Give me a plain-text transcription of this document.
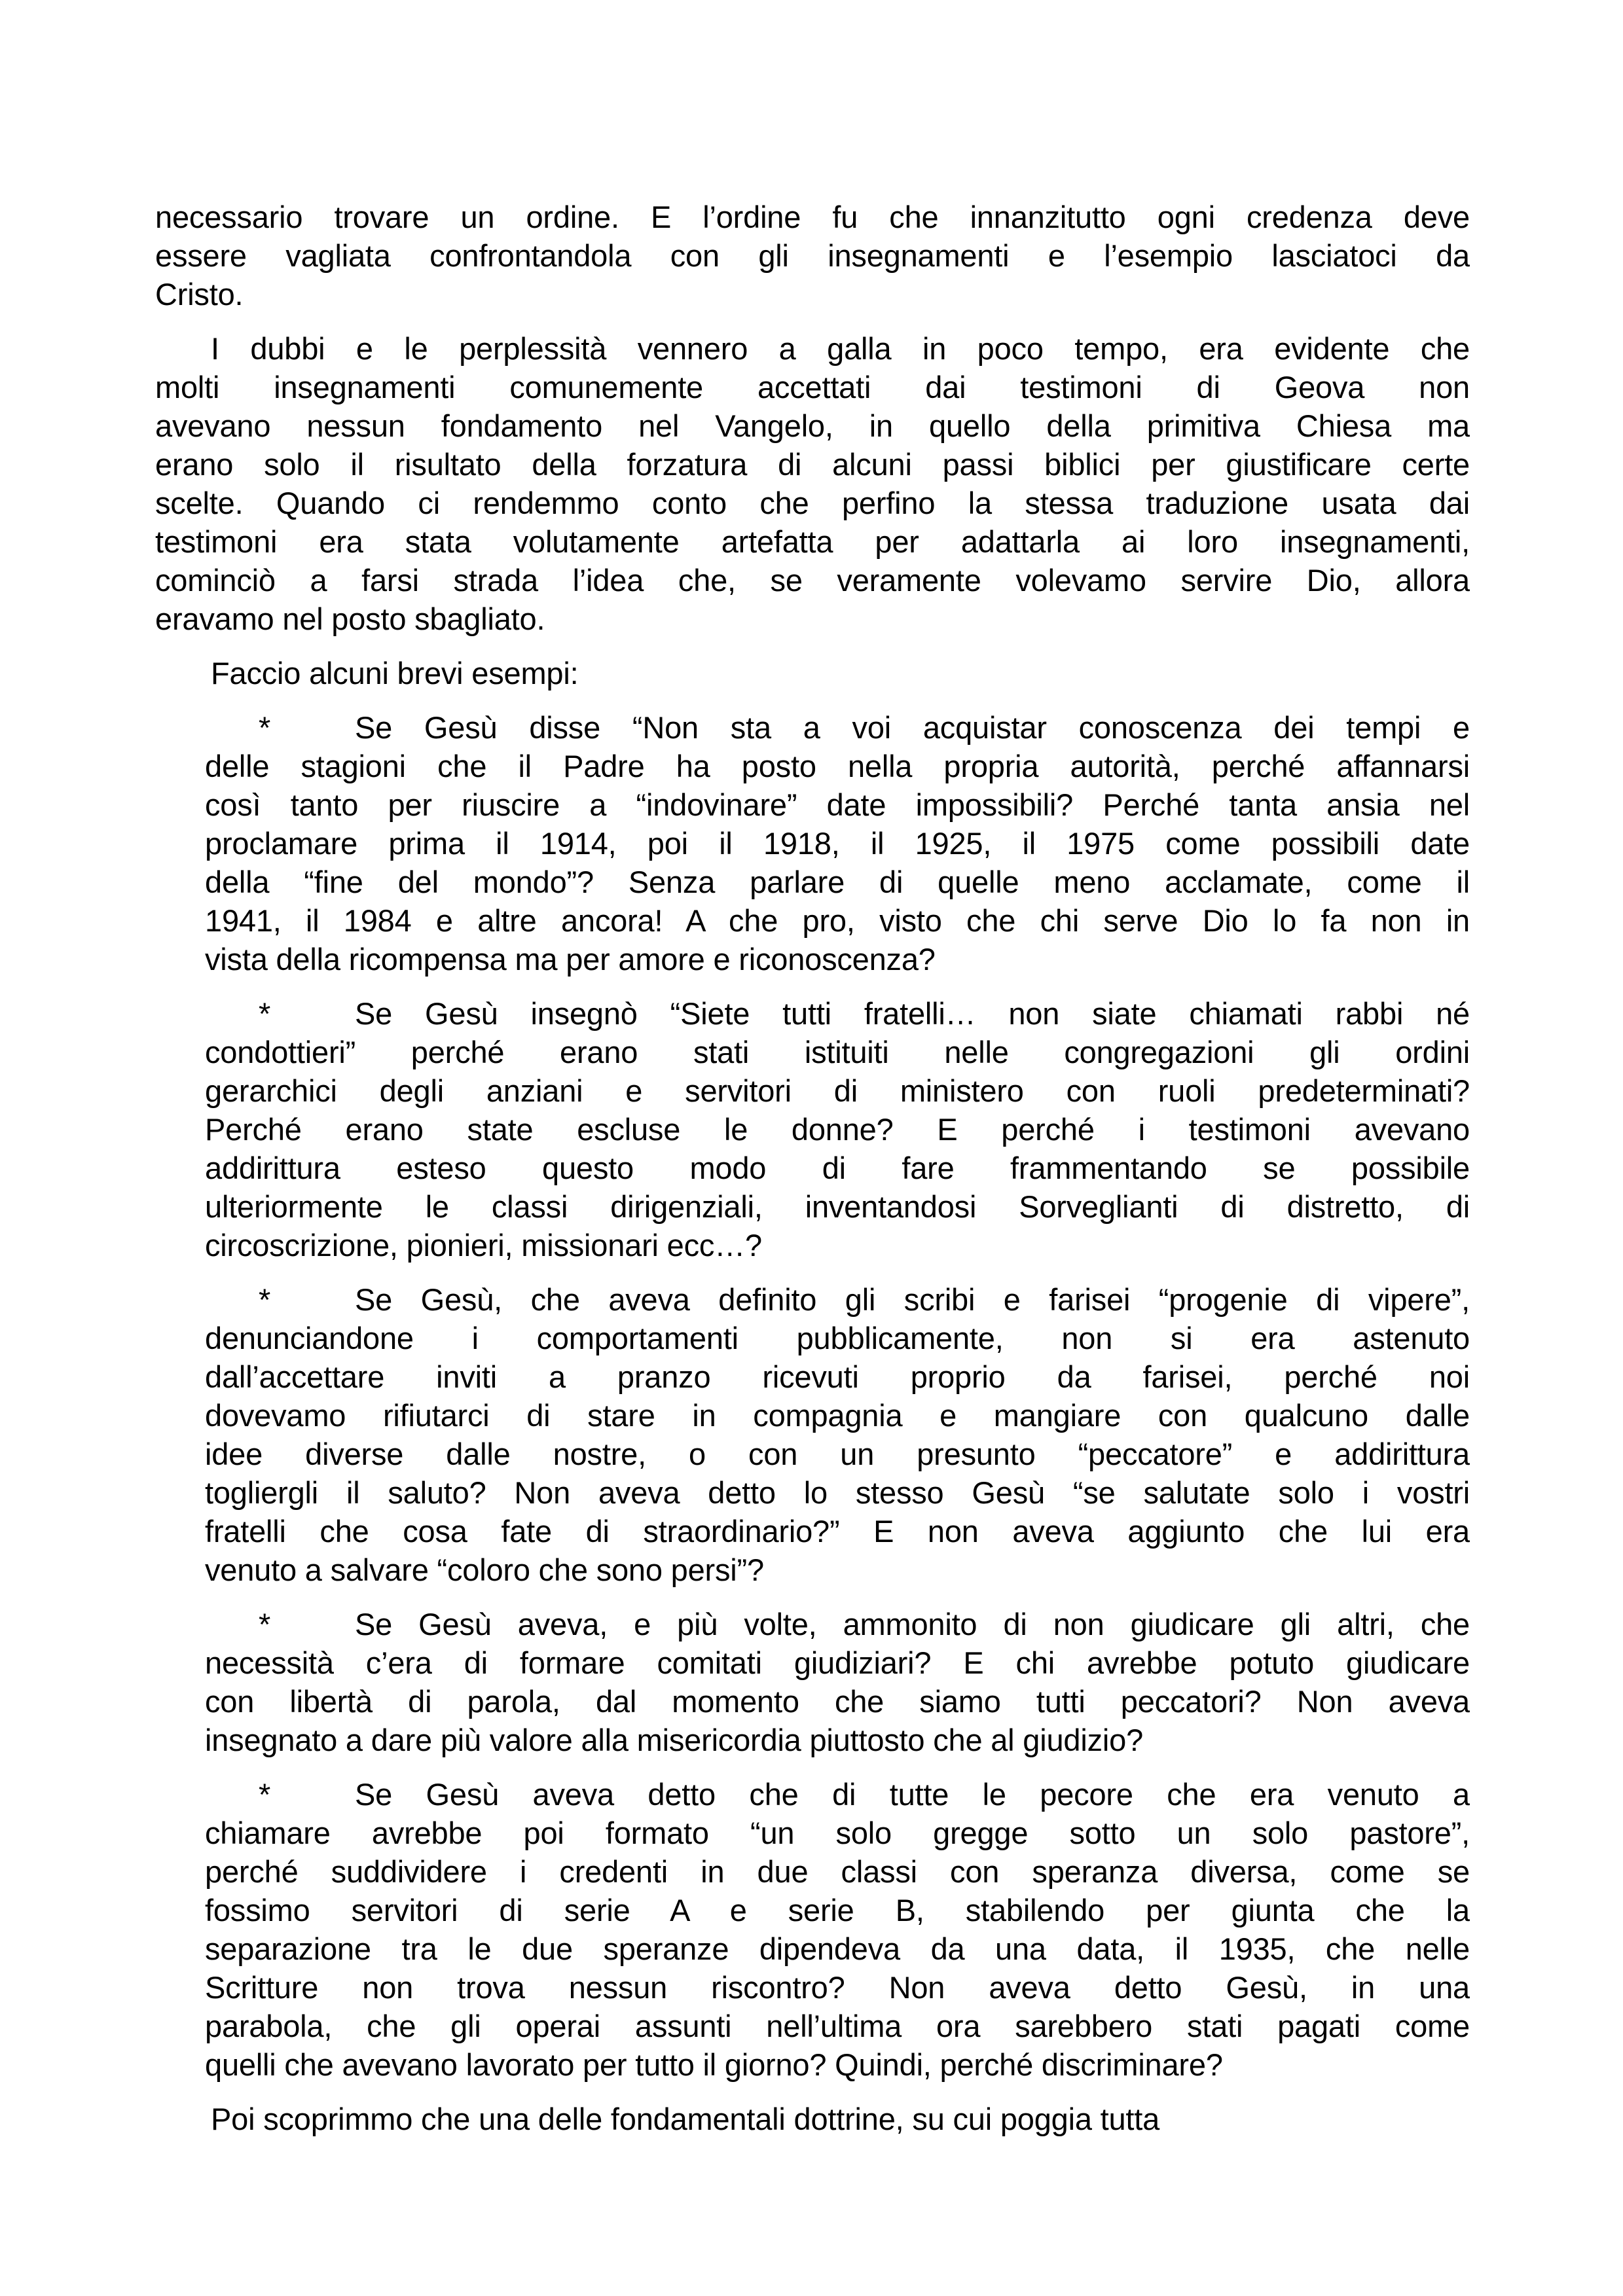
necessario trovare un ordine. E l’ordine fu che innanzitutto ogni credenza deve
essere vagliata confrontandola con gli insegnamenti e l’esempio lasciatoci da
Cristo.
I dubbi e le perplessità vennero a galla in poco tempo, era evidente che
molti insegnamenti comunemente accettati dai testimoni di Geova non
avevano nessun fondamento nel Vangelo, in quello della primitiva Chiesa ma
erano solo il risultato della forzatura di alcuni passi biblici per giustificare certe
scelte. Quando ci rendemmo conto che perfino la stessa traduzione usata dai
testimoni era stata volutamente artefatta per adattarla ai loro insegnamenti,
cominciò a farsi strada l’idea che, se veramente volevamo servire Dio, allora
eravamo nel posto sbagliato.
Faccio alcuni brevi esempi:
*	Se Gesù disse “Non sta a voi acquistar conoscenza dei tempi e
delle stagioni che il Padre ha posto nella propria autorità, perché affannarsi
così tanto per riuscire a “indovinare” date impossibili? Perché tanta ansia nel
proclamare prima il 1914, poi il 1918, il 1925, il 1975 come possibili date
della “fine del mondo”? Senza parlare di quelle meno acclamate, come il
1941, il 1984 e altre ancora! A che pro, visto che chi serve Dio lo fa non in
vista della ricompensa ma per amore e riconoscenza?
*	Se Gesù insegnò “Siete tutti fratelli… non siate chiamati rabbi né
condottieri” perché erano stati istituiti nelle congregazioni gli ordini
gerarchici degli anziani e servitori di ministero con ruoli predeterminati?
Perché erano state escluse le donne? E perché i testimoni avevano
addirittura esteso questo modo di fare frammentando se possibile
ulteriormente le classi dirigenziali, inventandosi Sorveglianti di distretto, di
circoscrizione, pionieri, missionari ecc…?
*	Se Gesù, che aveva definito gli scribi e farisei “progenie di vipere”,
denunciandone i comportamenti pubblicamente, non si era astenuto
dall’accettare inviti a pranzo ricevuti proprio da farisei, perché noi
dovevamo rifiutarci di stare in compagnia e mangiare con qualcuno dalle
idee diverse dalle nostre, o con un presunto “peccatore” e addirittura
togliergli il saluto? Non aveva detto lo stesso Gesù “se salutate solo i vostri
fratelli che cosa fate di straordinario?” E non aveva aggiunto che lui era
venuto a salvare “coloro che sono persi”?
*	Se Gesù aveva, e più volte, ammonito di non giudicare gli altri, che
necessità c’era di formare comitati giudiziari? E chi avrebbe potuto giudicare
con libertà di parola, dal momento che siamo tutti peccatori? Non aveva
insegnato a dare più valore alla misericordia piuttosto che al giudizio?
*	Se Gesù aveva detto che di tutte le pecore che era venuto a
chiamare avrebbe poi formato “un solo gregge sotto un solo pastore”,
perché suddividere i credenti in due classi con speranza diversa, come se
fossimo servitori di serie A e serie B, stabilendo per giunta che la
separazione tra le due speranze dipendeva da una data, il 1935, che nelle
Scritture non trova nessun riscontro? Non aveva detto Gesù, in una
parabola, che gli operai assunti nell’ultima ora sarebbero stati pagati come
quelli che avevano lavorato per tutto il giorno? Quindi, perché discriminare?
Poi scoprimmo che una delle fondamentali dottrine, su cui poggia tutta
